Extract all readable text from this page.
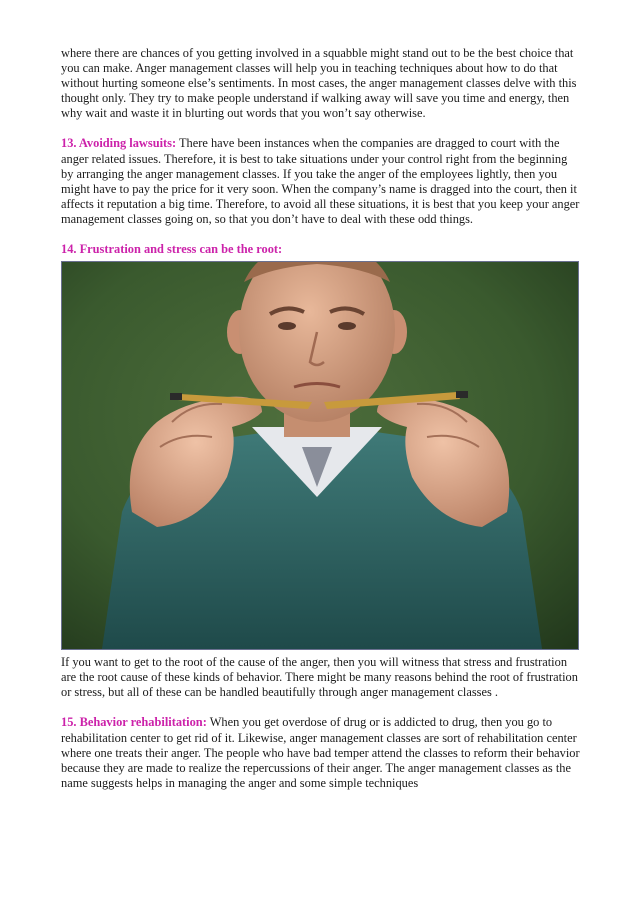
where there are chances of you getting involved in a squabble might stand out to be the best choice that you can make. Anger management classes will help you in teaching techniques about how to do that without hurting someone else’s sentiments. In most cases, the anger management classes delve with this thought only. They try to make people understand if walking away will save you time and energy, then why wait and waste it in blurting out words that you won’t say otherwise.

13. Avoiding lawsuits: There have been instances when the companies are dragged to court with the anger related issues. Therefore, it is best to take situations under your control right from the beginning by arranging the anger management classes. If you take the anger of the employees lightly, then you might have to pay the price for it very soon. When the company’s name is dragged into the court, then it affects it reputation a big time. Therefore, to avoid all these situations, it is best that you keep your anger management classes going on, so that you don’t have to deal with these odd things.

14. Frustration and stress can be the root:

If you want to get to the root of the cause of the anger, then you will witness that stress and frustration are the root cause of these kinds of behavior. There might be many reasons behind the root of frustration or stress, but all of these can be handled beautifully through anger management classes .

15. Behavior rehabilitation: When you get overdose of drug or is addicted to drug, then you go to rehabilitation center to get rid of it. Likewise, anger management classes are sort of rehabilitation center where one treats their anger. The people who have bad temper attend the classes to reform their behavior because they are made to realize the repercussions of their anger. The anger management classes as the name suggests helps in managing the anger and some simple techniques
